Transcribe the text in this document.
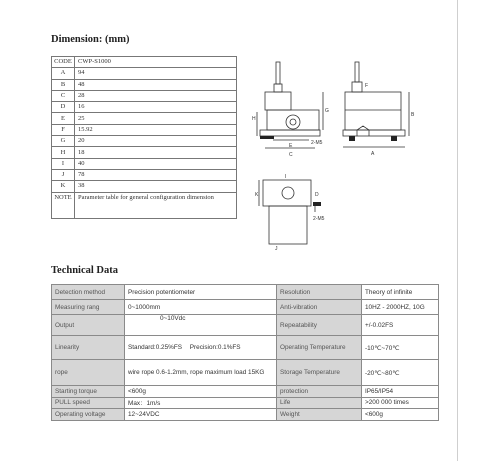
Dimension: (mm)
CODE	CWP-S1000
A	94
B	48
C	28
D	16
E	25
F	15.92
G	20
H	18
I	40
J	78
K	38
NOTE	Parameter table for general configuration dimension
H
E
C
G
2-M5
A
B
F
K
I
D
2-M5
J
Technical Data
Detection method	Precision potentiometer	Resolution	Theory of infinite
Measuring rang	0~1000mm	Anti-vibration	10HZ - 2000HZ, 10G
Output	0~10Vdc	Repeatability	+/-0.02FS
Linearity	Standard:0.25%FS Precision:0.1%FS	Operating Temperature	-10℃~70℃
rope	wire rope 0.6-1.2mm, rope maximum load 15KG	Storage Temperature	-20℃~80℃
Starting torque	<600g	protection	IP65/IP54
PULL speed	Max：1m/s	Life	>200 000 times
Operating voltage	12~24VDC	Weight	<600g
